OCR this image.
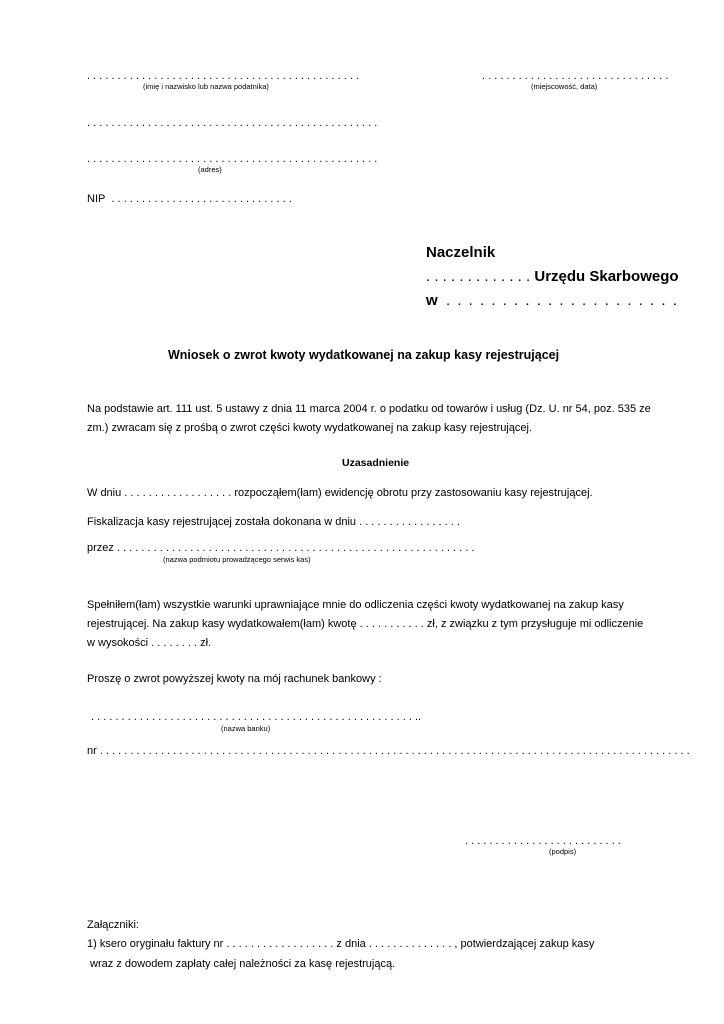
. . . . . . . . . . . . . . . . . . . . . . . . . . . . . . . . . . . . . . . . . . . . .
(imię i nazwisko lub nazwa podatnika)
. . . . . . . . . . . . . . . . . . . . . . . . . . . . . . .
(miejscowość, data)
. . . . . . . . . . . . . . . . . . . . . . . . . . . . . . . . . . . . . . . . . . . . . . . .
. . . . . . . . . . . . . . . . . . . . . . . . . . . . . . . . . . . . . . . . . . . . . . . .
(adres)
NIP . . . . . . . . . . . . . . . . . . . . . . . . . . . . . .
Naczelnik
. . . . . . . . . . . . . Urzędu Skarbowego
w . . . . . . . . . . . . . . . . . . . . .
Wniosek o zwrot kwoty wydatkowanej na zakup kasy rejestrującej
Na podstawie art. 111 ust. 5 ustawy z dnia 11 marca 2004 r. o podatku od towarów i usług (Dz. U. nr 54, poz. 535 ze
zm.) zwracam się z prośbą o zwrot części kwoty wydatkowanej na zakup kasy rejestrującej.
Uzasadnienie
W dniu . . . . . . . . . . . . . . . . . . rozpocząłem(łam) ewidencję obrotu przy zastosowaniu kasy rejestrującej.
Fiskalizacja kasy rejestrującej została dokonana w dniu . . . . . . . . . . . . . . . . .
przez . . . . . . . . . . . . . . . . . . . . . . . . . . . . . . . . . . . . . . . . . . . . . . . . . . . . . . . . . . .
(nazwa podmiotu prowadzącego serwis kas)
Spełniłem(łam) wszystkie warunki uprawniające mnie do odliczenia części kwoty wydatkowanej na zakup kasy
rejestrującej. Na zakup kasy wydatkowałem(łam) kwotę . . . . . . . . . . . zł, z związku z tym przysługuje mi odliczenie
w wysokości . . . . . . . . zł.
Proszę o zwrot powyższej kwoty na mój rachunek bankowy :
. . . . . . . . . . . . . . . . . . . . . . . . . . . . . . . . . . . . . . . . . . . . . . . . . . . . . ..
(nazwa banku)
nr . . . . . . . . . . . . . . . . . . . . . . . . . . . . . . . . . . . . . . . . . . . . . . . . . . . . . . . . . . . . . . . . . . . . . . . . . . . . . . . . . . . . . . . . . . . . . . . . .
. . . . . . . . . . . . . . . . . . . . . . . . . .
(podpis)
Załączniki:
1) ksero oryginału faktury nr . . . . . . . . . . . . . . . . . . z dnia . . . . . . . . . . . . . . , potwierdzającej zakup kasy
wraz z dowodem zapłaty całej należności za kasę rejestrującą.
